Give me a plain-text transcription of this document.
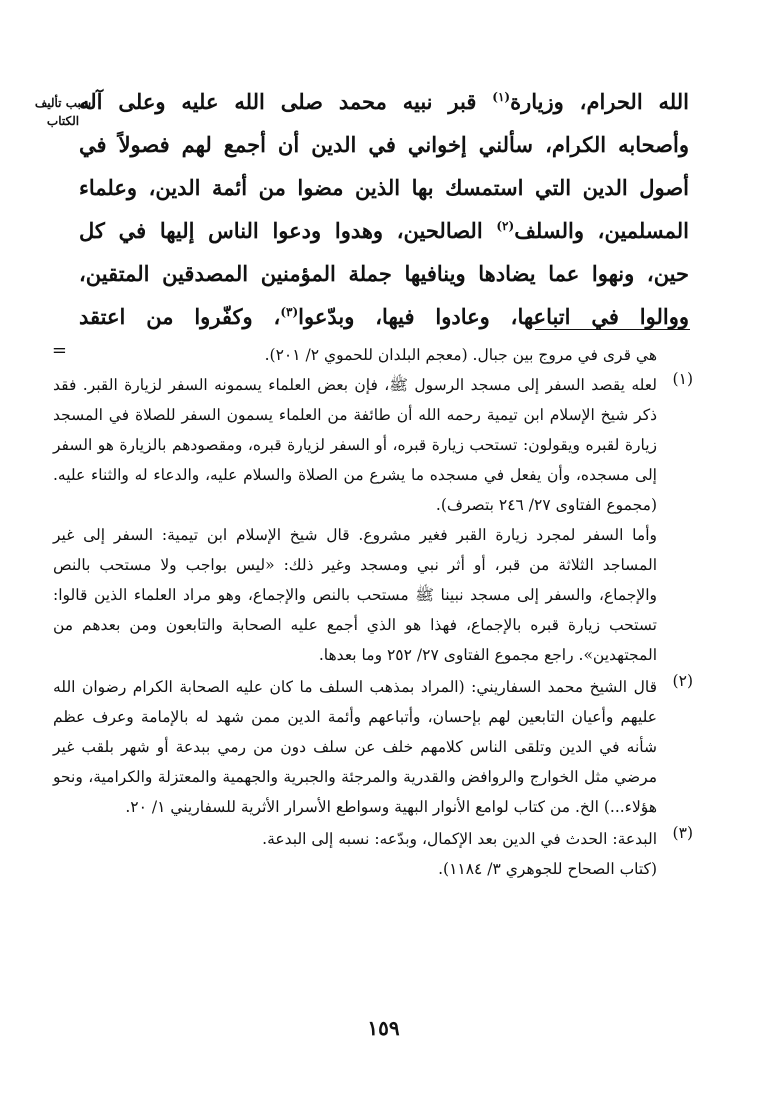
سبب تأليف
الكتاب
الله الحرام، وزيارة$^{(١)}$ قبر نبيه محمد صلى الله عليه وعلى آله
وأصحابه الكرام، سألني إخواني في الدين أن أجمع لهم فصولاً في
أصول الدين التي استمسك بها الذين مضوا من أئمة الدين، وعلماء
المسلمين، والسلف$^{(٢)}$ الصالحين، وهدوا ودعوا الناس إليها في كل
حين، ونهوا عما يضادها وينافيها جملة المؤمنين المصدقين المتقين،
ووالوا في اتباعها، وعادوا فيها، وبدّعوا$^{(٣)}$، وكفّروا من اعتقد

هي قرى في مروج بين جبال. (معجم البلدان للحموي ٢/ ٢٠١).

=
(١)

لعله يقصد السفر إلى مسجد الرسول ﷺ، فإن بعض العلماء يسمونه السفر لزيارة القبر. فقد ذكر شيخ الإسلام ابن تيمية رحمه الله أن طائفة من العلماء يسمون السفر للصلاة في المسجد زيارة لقبره ويقولون: تستحب زيارة قبره، أو السفر لزيارة قبره، ومقصودهم بالزيارة هو السفر إلى مسجده، وأن يفعل في مسجده ما يشرع من الصلاة والسلام عليه، والدعاء له والثناء عليه. (مجموع الفتاوى ٢٧/ ٢٤٦ بتصرف).

وأما السفر لمجرد زيارة القبر فغير مشروع. قال شيخ الإسلام ابن تيمية: السفر إلى غير المساجد الثلاثة من قبر، أو أثر نبي ومسجد وغير ذلك: «ليس بواجب ولا مستحب بالنص والإجماع، والسفر إلى مسجد نبينا ﷺ مستحب بالنص والإجماع، وهو مراد العلماء الذين قالوا: تستحب زيارة قبره بالإجماع، فهذا هو الذي أجمع عليه الصحابة والتابعون ومن بعدهم من المجتهدين». راجع مجموع الفتاوى ٢٧/ ٢٥٢ وما بعدها.

(٢)

قال الشيخ محمد السفاريني: (المراد بمذهب السلف ما كان عليه الصحابة الكرام رضوان الله عليهم وأعيان التابعين لهم بإحسان، وأتباعهم وأئمة الدين ممن شهد له بالإمامة وعرف عظم شأنه في الدين وتلقى الناس كلامهم خلف عن سلف دون من رمي ببدعة أو شهر بلقب غير مرضي مثل الخوارج والروافض والقدرية والمرجئة والجبرية والجهمية والمعتزلة والكرامية، ونحو هؤلاء...) الخ. من كتاب لوامع الأنوار البهية وسواطع الأسرار الأثرية للسفاريني ١/ ٢٠.

(٣)

البدعة: الحدث في الدين بعد الإكمال، وبدّعه: نسبه إلى البدعة.

(كتاب الصحاح للجوهري ٣/ ١١٨٤).

١٥٩
